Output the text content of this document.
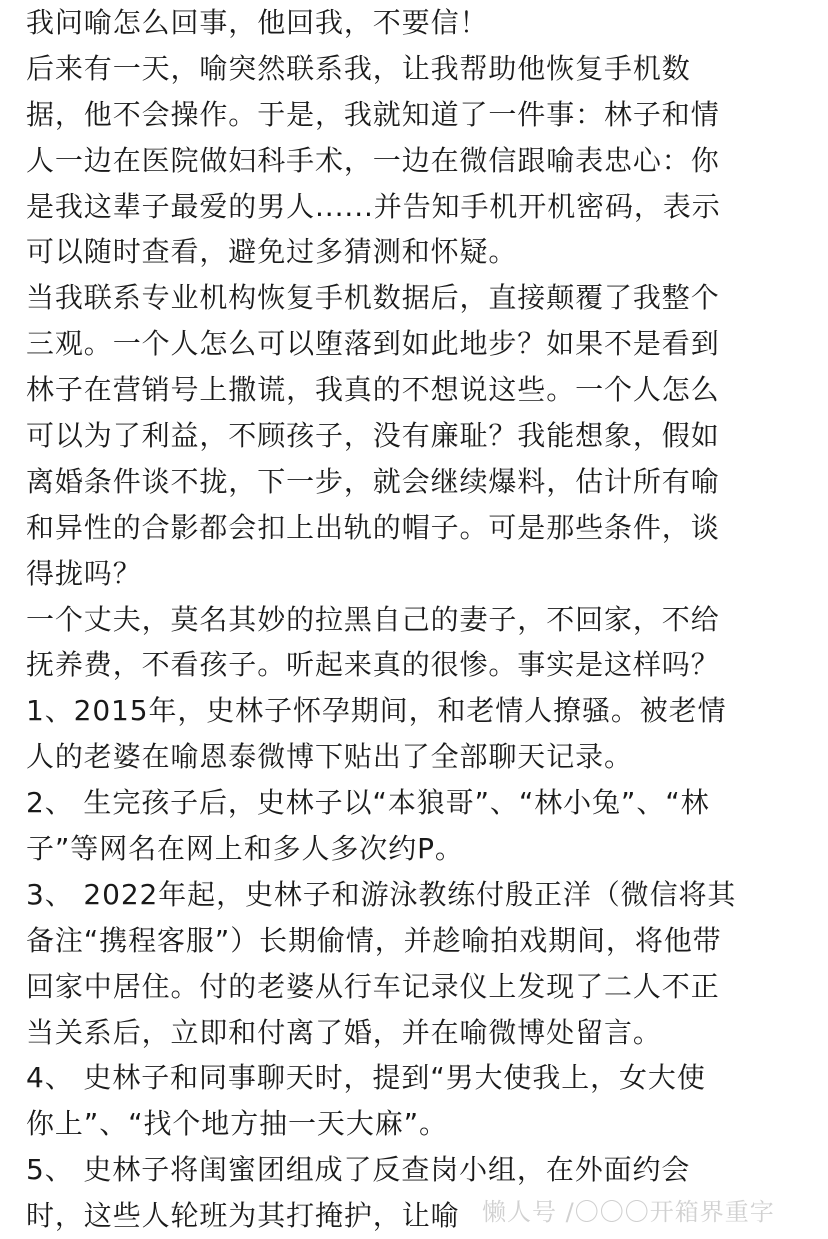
我问喻怎么回事，他回我，不要信！

后来有一天，喻突然联系我，让我帮助他恢复手机数

据，他不会操作。于是，我就知道了一件事：林子和情

人一边在医院做妇科手术，一边在微信跟喻表忠心：你

是我这辈子最爱的男人......并告知手机开机密码，表示

可以随时查看，避免过多猜测和怀疑。

当我联系专业机构恢复手机数据后，直接颠覆了我整个

三观。一个人怎么可以堕落到如此地步？如果不是看到

林子在营销号上撒谎，我真的不想说这些。一个人怎么

可以为了利益，不顾孩子，没有廉耻？我能想象，假如

离婚条件谈不拢，下一步，就会继续爆料，估计所有喻

和异性的合影都会扣上出轨的帽子。可是那些条件，谈

得拢吗？

一个丈夫，莫名其妙的拉黑自己的妻子，不回家，不给

抚养费，不看孩子。听起来真的很惨。事实是这样吗？

1、2015年，史林子怀孕期间，和老情人撩骚。被老情

人的老婆在喻恩泰微博下贴出了全部聊天记录。

2、 生完孩子后，史林子以“本狼哥”、“林小兔”、“林

子”等网名在网上和多人多次约P。

3、 2022年起，史林子和游泳教练付殷正洋（微信将其

备注“携程客服”）长期偷情，并趁喻拍戏期间，将他带

回家中居住。付的老婆从行车记录仪上发现了二人不正

当关系后，立即和付离了婚，并在喻微博处留言。

4、 史林子和同事聊天时，提到“男大使我上，女大使

你上”、“找个地方抽一天大麻”。

5、 史林子将闺蜜团组成了反查岗小组，在外面约会

时，这些人轮班为其打掩护，让喻 懒人号 /〇〇〇开箱界重字
